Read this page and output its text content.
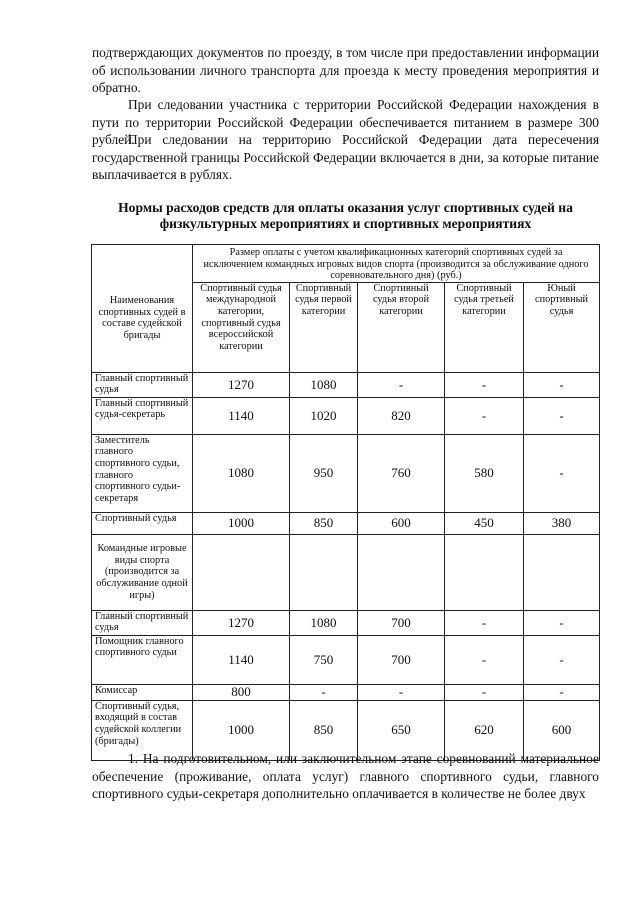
подтверждающих документов по проезду, в том числе при предоставлении информации об использовании личного транспорта для проезда к месту проведения мероприятия и обратно.
При следовании участника с территории Российской Федерации нахождения в пути по территории Российской Федерации обеспечивается питанием в размере 300 рублей.
При следовании на территорию Российской Федерации дата пересечения государственной границы Российской Федерации включается в дни, за которые питание выплачивается в рублях.
Нормы расходов средств для оплаты оказания услуг спортивных судей на физкультурных мероприятиях и спортивных мероприятиях
Наименования спортивных судей в составе судейской бригады	Размер оплаты с учетом квалификационных категорий спортивных судей за исключением командных игровых видов спорта (производится за обслуживание одного соревновательного дня) (руб.)				
	Спортивный судья международной категории, спортивный судья всероссийской категории	Спортивный судья первой категории	Спортивный судья второй категории	Спортивный судья третьей категории	Юный спортивный судья
Главный спортивный судья	1270	1080	-	-	-
Главный спортивный судья-секретарь	1140	1020	820	-	-
Заместитель главного спортивного судьи, главного спортивного судьи-секретаря	1080	950	760	580	-
Спортивный судья	1000	850	600	450	380
Командные игровые виды спорта (производится за обслуживание одной игры)					
Главный спортивный судья	1270	1080	700	-	-
Помощник главного спортивного судьи	1140	750	700	-	-
Комиссар	800	-	-	-	-
Спортивный судья, входящий в состав судейской коллегии (бригады)	1000	850	650	620	600
1. На подготовительном, или заключительном этапе соревнований материальное обеспечение (проживание, оплата услуг) главного спортивного судьи, главного спортивного судьи-секретаря дополнительно оплачивается в количестве не более двух
